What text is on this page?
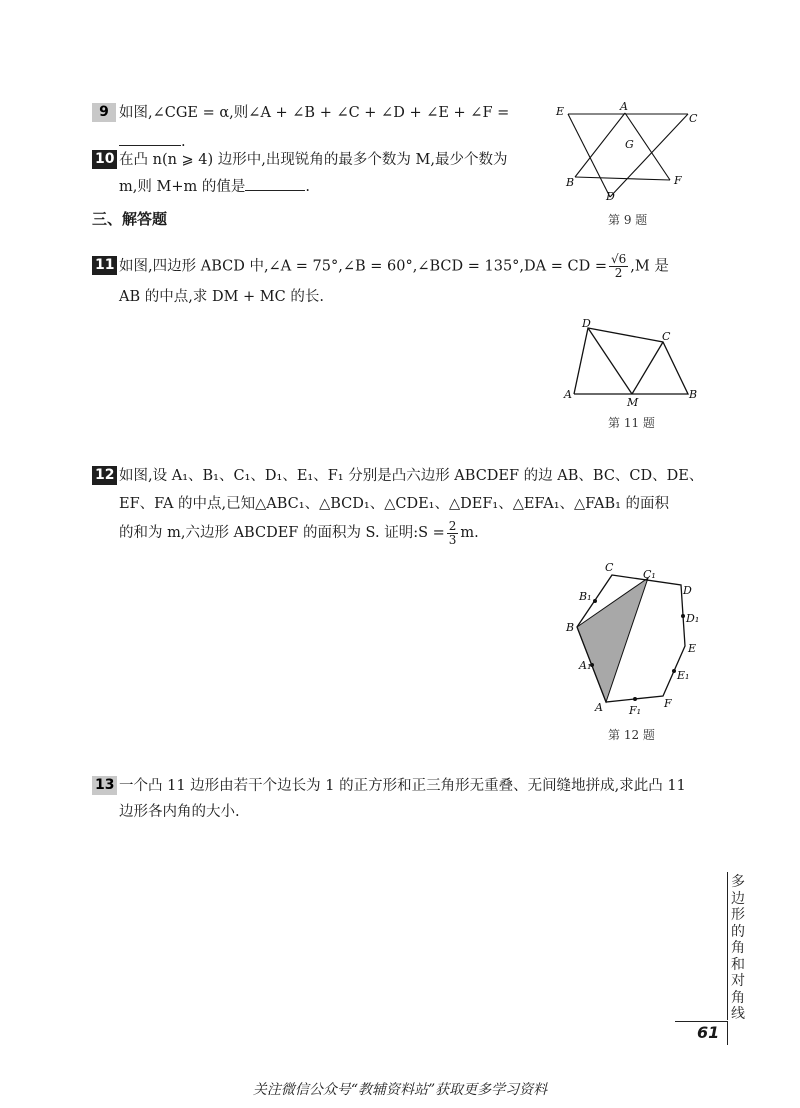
9 如图,∠CGE = α,则∠A + ∠B + ∠C + ∠D + ∠E + ∠F =
.
10 在凸 n(n ⩾ 4) 边形中,出现锐角的最多个数为 M,最少个数为
m,则 M+m 的值是	.
E	A
C
G
B	F
D
第 9 题
三、解答题
11 如图,四边形 ABCD 中,∠A = 75°,∠B = 60°,∠BCD = 135°,DA = CD = $\frac{√6}{2} ,M$ 是
AB 的中点,求 DM + MC 的长.
D
C
A
M
B
第 11 题
12 如图,设 A₁、B₁、C₁、D₁、E₁、F₁ 分别是凸六边形 ABCDEF 的边 AB、BC、CD、DE、
EF、FA 的中点,已知△ABC₁、△BCD₁、△CDE₁、△DEF₁、△EFA₁、△FAB₁ 的面积
的和为 m,六边形 ABCDEF 的面积为 S. 证明:S = $\frac{2}{3} m$.
C
C₁
D
B₁
D₁
B
E
A₁
E₁
A F₁
F
第 12 题
13 一个凸 11 边形由若干个边长为 1 的正方形和正三角形无重叠、无间缝地拼成,求此凸 11
边形各内角的大小.
多边形的角和对角线
61
关注微信公众号“教辅资料站”获取更多学习资料
